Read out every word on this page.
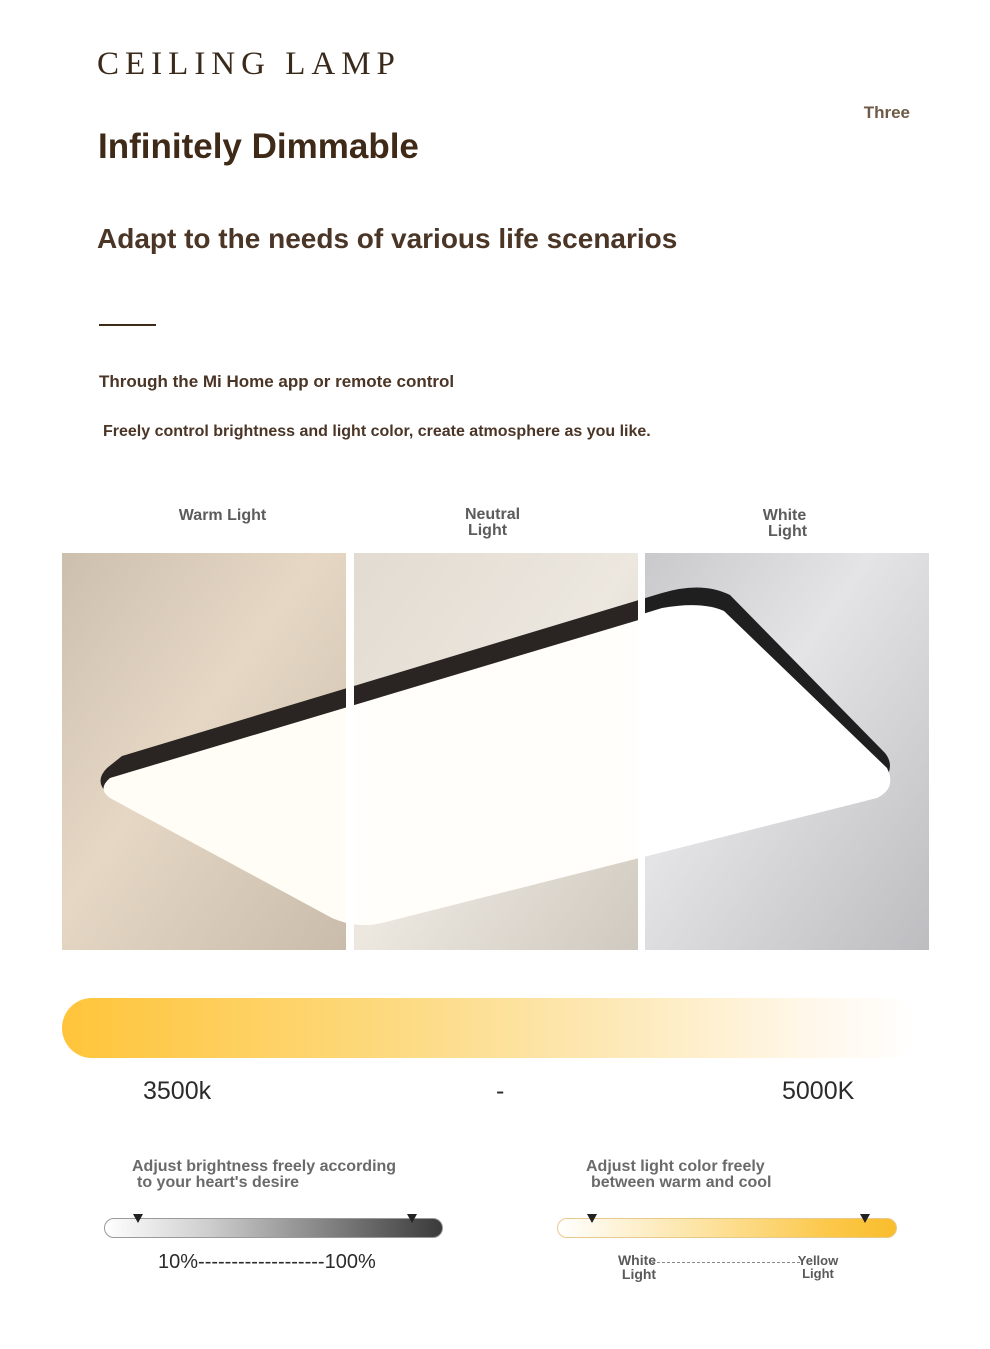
CEILING LAMP
Three
Infinitely Dimmable
Adapt to the needs of various life scenarios
Through the Mi Home app or remote control
Freely control brightness and light color, create atmosphere as you like.
Warm Light	Neutral
Light
White
Light
3500k	-	5000K
Adjust brightness freely according
to your heart's desire
Adjust light color freely
between warm and cool
10%-------------------100%	White
Light
Yellow
Light
